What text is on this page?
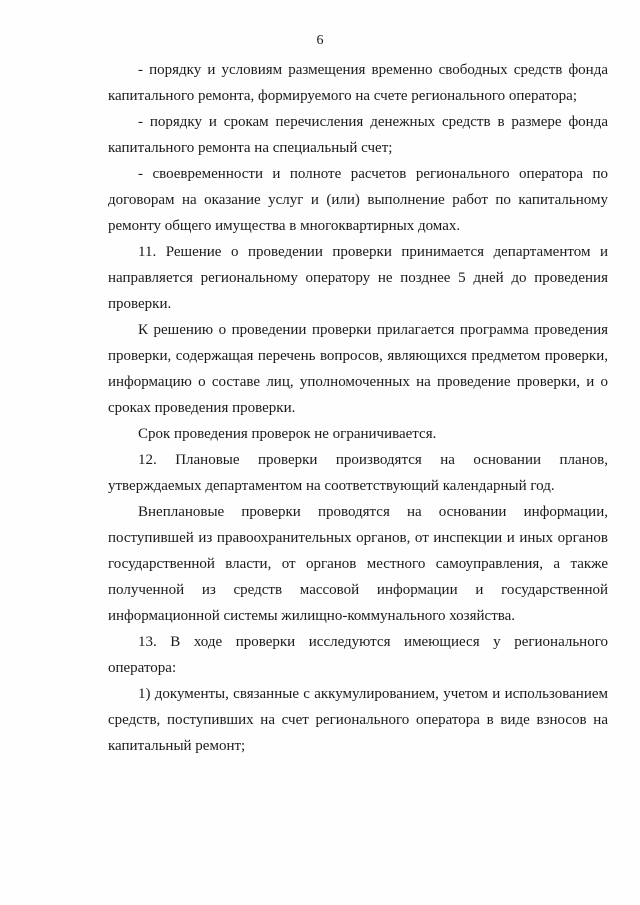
6
- порядку и условиям размещения временно свободных средств фонда
капитального ремонта, формируемого на счете регионального оператора;
- порядку и срокам перечисления денежных средств в размере фонда
капитального ремонта на специальный счет;
- своевременности и полноте расчетов регионального оператора по
договорам на оказание услуг и (или) выполнение работ по капитальному
ремонту общего имущества в многоквартирных домах.
11. Решение о проведении проверки принимается департаментом и
направляется региональному оператору не позднее 5 дней до проведения
проверки.
К решению о проведении проверки прилагается программа проведения
проверки, содержащая перечень вопросов, являющихся предметом проверки,
информацию о составе лиц, уполномоченных на проведение проверки, и о
сроках проведения проверки.
Срок проведения проверок не ограничивается.
12. Плановые проверки производятся на основании планов,
утверждаемых департаментом на соответствующий календарный год.
Внеплановые проверки проводятся на основании информации,
поступившей из правоохранительных органов, от инспекции и иных органов
государственной власти, от органов местного самоуправления, а также
полученной из средств массовой информации и государственной
информационной системы жилищно-коммунального хозяйства.
13. В ходе проверки исследуются имеющиеся у регионального
оператора:
1) документы, связанные с аккумулированием, учетом и использованием
средств, поступивших на счет регионального оператора в виде взносов на
капитальный ремонт;
